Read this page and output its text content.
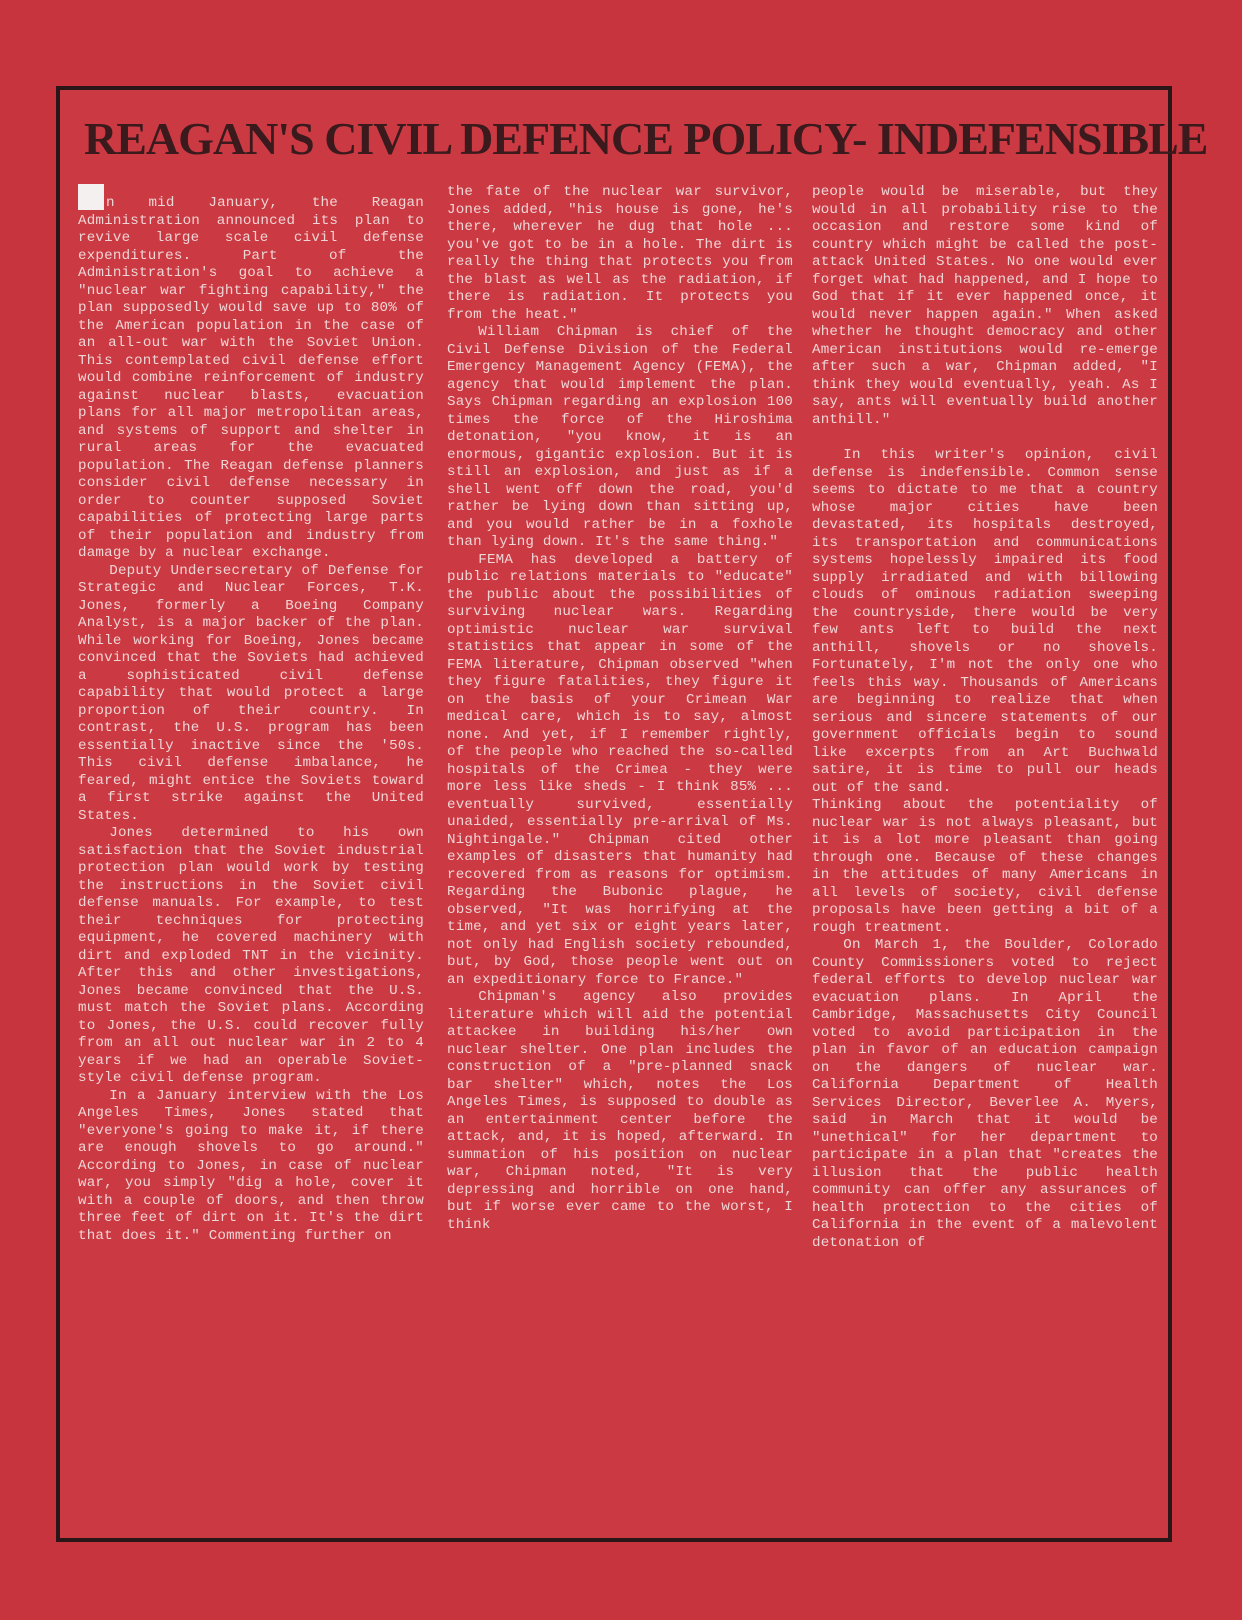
REAGAN'S CIVIL DEFENCE POLICY- INDEFENSIBLE

n mid January, the Reagan Administration announced its plan to revive large scale civil defense expenditures. Part of the Administration's goal to achieve a "nuclear war fighting capability," the plan supposedly would save up to 80% of the American population in the case of an all-out war with the Soviet Union. This contemplated civil defense effort would combine reinforcement of industry against nuclear blasts, evacuation plans for all major metropolitan areas, and systems of support and shelter in rural areas for the evacuated population. The Reagan defense planners consider civil defense necessary in order to counter supposed Soviet capabilities of protecting large parts of their population and industry from damage by a nuclear exchange.

Deputy Undersecretary of Defense for Strategic and Nuclear Forces, T.K. Jones, formerly a Boeing Company Analyst, is a major backer of the plan. While working for Boeing, Jones became convinced that the Soviets had achieved a sophisticated civil defense capability that would protect a large proportion of their country. In contrast, the U.S. program has been essentially inactive since the '50s. This civil defense imbalance, he feared, might entice the Soviets toward a first strike against the United States.

Jones determined to his own satisfaction that the Soviet industrial protection plan would work by testing the instructions in the Soviet civil defense manuals. For example, to test their techniques for protecting equipment, he covered machinery with dirt and exploded TNT in the vicinity. After this and other investigations, Jones became convinced that the U.S. must match the Soviet plans. According to Jones, the U.S. could recover fully from an all out nuclear war in 2 to 4 years if we had an operable Soviet-style civil defense program.

In a January interview with the Los Angeles Times, Jones stated that "everyone's going to make it, if there are enough shovels to go around." According to Jones, in case of nuclear war, you simply "dig a hole, cover it with a couple of doors, and then throw three feet of dirt on it. It's the dirt that does it." Commenting further on

the fate of the nuclear war survivor, Jones added, "his house is gone, he's there, wherever he dug that hole ... you've got to be in a hole. The dirt is really the thing that protects you from the blast as well as the radiation, if there is radiation. It protects you from the heat."

William Chipman is chief of the Civil Defense Division of the Federal Emergency Management Agency (FEMA), the agency that would implement the plan. Says Chipman regarding an explosion 100 times the force of the Hiroshima detonation, "you know, it is an enormous, gigantic explosion. But it is still an explosion, and just as if a shell went off down the road, you'd rather be lying down than sitting up, and you would rather be in a foxhole than lying down. It's the same thing."

FEMA has developed a battery of public relations materials to "educate" the public about the possibilities of surviving nuclear wars. Regarding optimistic nuclear war survival statistics that appear in some of the FEMA literature, Chipman observed "when they figure fatalities, they figure it on the basis of your Crimean War medical care, which is to say, almost none. And yet, if I remember rightly, of the people who reached the so-called hospitals of the Crimea - they were more less like sheds - I think 85% ... eventually survived, essentially unaided, essentially pre-arrival of Ms. Nightingale." Chipman cited other examples of disasters that humanity had recovered from as reasons for optimism. Regarding the Bubonic plague, he observed, "It was horrifying at the time, and yet six or eight years later, not only had English society rebounded, but, by God, those people went out on an expeditionary force to France."

Chipman's agency also provides literature which will aid the potential attackee in building his/her own nuclear shelter. One plan includes the construction of a "pre-planned snack bar shelter" which, notes the Los Angeles Times, is supposed to double as an entertainment center before the attack, and, it is hoped, afterward. In summation of his position on nuclear war, Chipman noted, "It is very depressing and horrible on one hand, but if worse ever came to the worst, I think

people would be miserable, but they would in all probability rise to the occasion and restore some kind of country which might be called the post-attack United States. No one would ever forget what had happened, and I hope to God that if it ever happened once, it would never happen again." When asked whether he thought democracy and other American institutions would re-emerge after such a war, Chipman added, "I think they would eventually, yeah. As I say, ants will eventually build another anthill."

In this writer's opinion, civil defense is indefensible. Common sense seems to dictate to me that a country whose major cities have been devastated, its hospitals destroyed, its transportation and communications systems hopelessly impaired its food supply irradiated and with billowing clouds of ominous radiation sweeping the countryside, there would be very few ants left to build the next anthill, shovels or no shovels. Fortunately, I'm not the only one who feels this way. Thousands of Americans are beginning to realize that when serious and sincere statements of our government officials begin to sound like excerpts from an Art Buchwald satire, it is time to pull our heads out of the sand.

Thinking about the potentiality of nuclear war is not always pleasant, but it is a lot more pleasant than going through one. Because of these changes in the attitudes of many Americans in all levels of society, civil defense proposals have been getting a bit of a rough treatment.

On March 1, the Boulder, Colorado County Commissioners voted to reject federal efforts to develop nuclear war evacuation plans. In April the Cambridge, Massachusetts City Council voted to avoid participation in the plan in favor of an education campaign on the dangers of nuclear war. California Department of Health Services Director, Beverlee A. Myers, said in March that it would be "unethical" for her department to participate in a plan that "creates the illusion that the public health community can offer any assurances of health protection to the cities of California in the event of a malevolent detonation of
